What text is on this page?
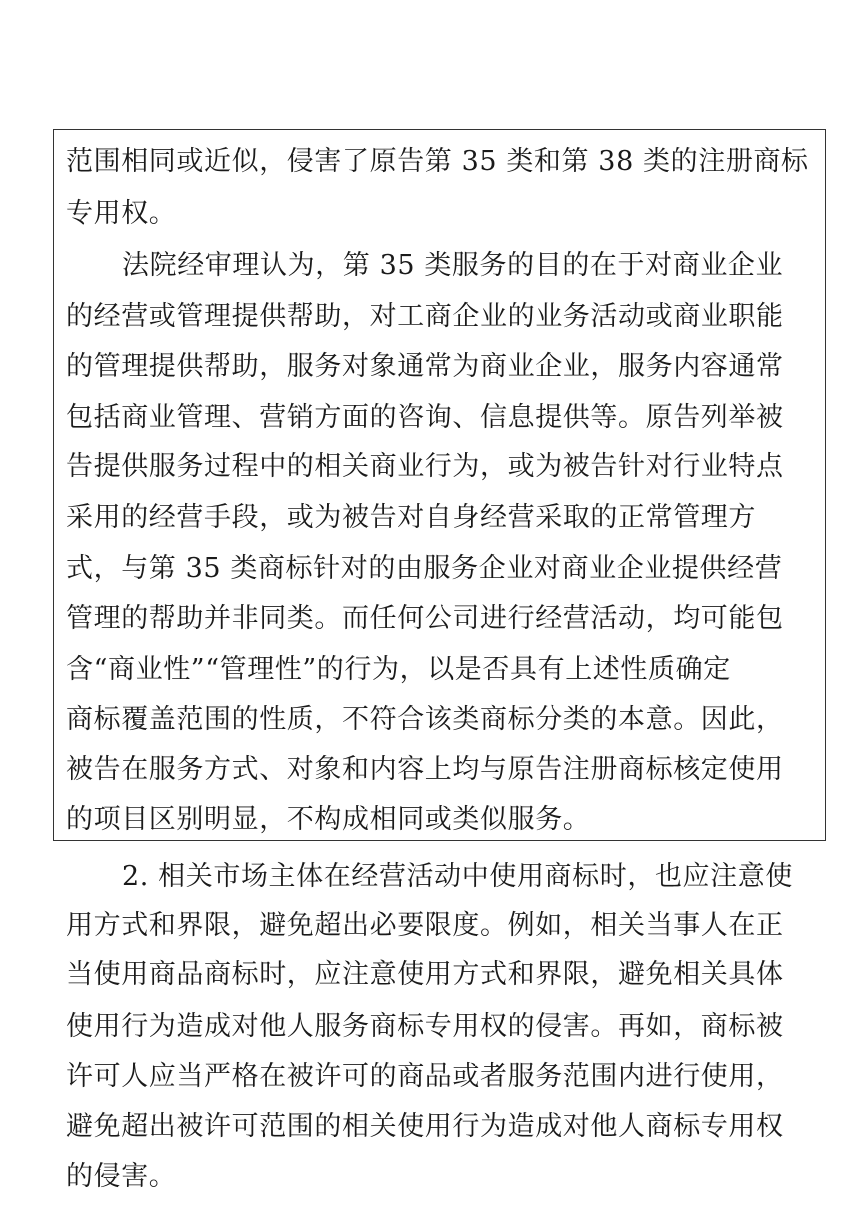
范围相同或近似，侵害了原告第 35 类和第 38 类的注册商标
专用权。
法院经审理认为，第 35 类服务的目的在于对商业企业
的经营或管理提供帮助，对工商企业的业务活动或商业职能
的管理提供帮助，服务对象通常为商业企业，服务内容通常
包括商业管理、营销方面的咨询、信息提供等。原告列举被
告提供服务过程中的相关商业行为，或为被告针对行业特点
采用的经营手段，或为被告对自身经营采取的正常管理方
式，与第 35 类商标针对的由服务企业对商业企业提供经营
管理的帮助并非同类。而任何公司进行经营活动，均可能包
含“商业性”“管理性”的行为，以是否具有上述性质确定
商标覆盖范围的性质，不符合该类商标分类的本意。因此，
被告在服务方式、对象和内容上均与原告注册商标核定使用
的项目区别明显，不构成相同或类似服务。
2. 相关市场主体在经营活动中使用商标时，也应注意使
用方式和界限，避免超出必要限度。例如，相关当事人在正
当使用商品商标时，应注意使用方式和界限，避免相关具体
使用行为造成对他人服务商标专用权的侵害。再如，商标被
许可人应当严格在被许可的商品或者服务范围内进行使用，
避免超出被许可范围的相关使用行为造成对他人商标专用权
的侵害。
